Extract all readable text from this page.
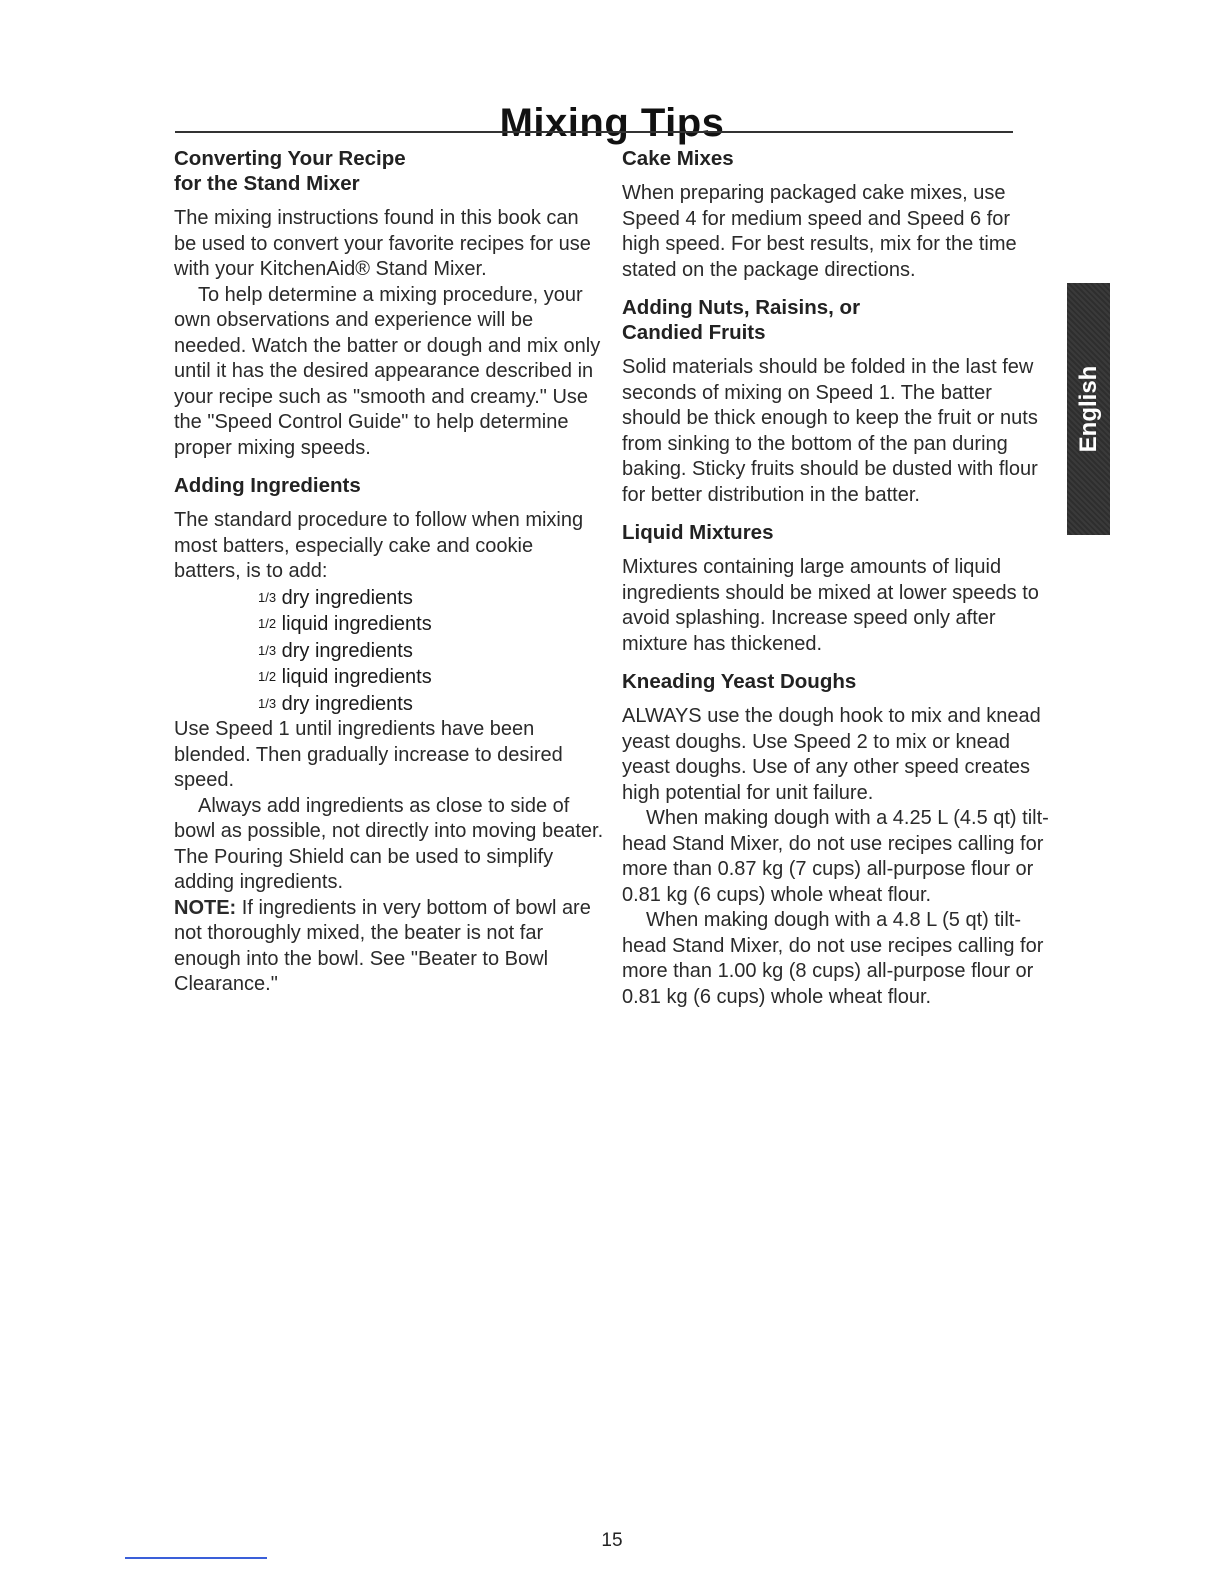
Mixing Tips
Converting Your Recipe
for the Stand Mixer

The mixing instructions found in this book can be used to convert your favorite recipes for use with your KitchenAid® Stand Mixer.

To help determine a mixing procedure, your own observations and experience will be needed. Watch the batter or dough and mix only until it has the desired appearance described in your recipe such as "smooth and creamy." Use the "Speed Control Guide" to help determine proper mixing speeds.

Adding Ingredients

The standard procedure to follow when mixing most batters, especially cake and cookie batters, is to add:

1/3 dry ingredients
1/2 liquid ingredients
1/3 dry ingredients
1/2 liquid ingredients
1/3 dry ingredients

Use Speed 1 until ingredients have been blended. Then gradually increase to desired speed.

Always add ingredients as close to side of bowl as possible, not directly into moving beater. The Pouring Shield can be used to simplify adding ingredients.

NOTE: If ingredients in very bottom of bowl are not thoroughly mixed, the beater is not far enough into the bowl. See "Beater to Bowl Clearance."

Cake Mixes

When preparing packaged cake mixes, use Speed 4 for medium speed and Speed 6 for high speed. For best results, mix for the time stated on the package directions.

Adding Nuts, Raisins, or
Candied Fruits

Solid materials should be folded in the last few seconds of mixing on Speed 1. The batter should be thick enough to keep the fruit or nuts from sinking to the bottom of the pan during baking. Sticky fruits should be dusted with flour for better distribution in the batter.

Liquid Mixtures

Mixtures containing large amounts of liquid ingredients should be mixed at lower speeds to avoid splashing. Increase speed only after mixture has thickened.

Kneading Yeast Doughs

ALWAYS use the dough hook to mix and knead yeast doughs. Use Speed 2 to mix or knead yeast doughs. Use of any other speed creates high potential for unit failure.

When making dough with a 4.25 L (4.5 qt) tilt-head Stand Mixer, do not use recipes calling for more than 0.87 kg (7 cups) all-purpose flour or 0.81 kg (6 cups) whole wheat flour.

When making dough with a 4.8 L (5 qt) tilt-head Stand Mixer, do not use recipes calling for more than 1.00 kg (8 cups) all-purpose flour or 0.81 kg (6 cups) whole wheat flour.

English
15
